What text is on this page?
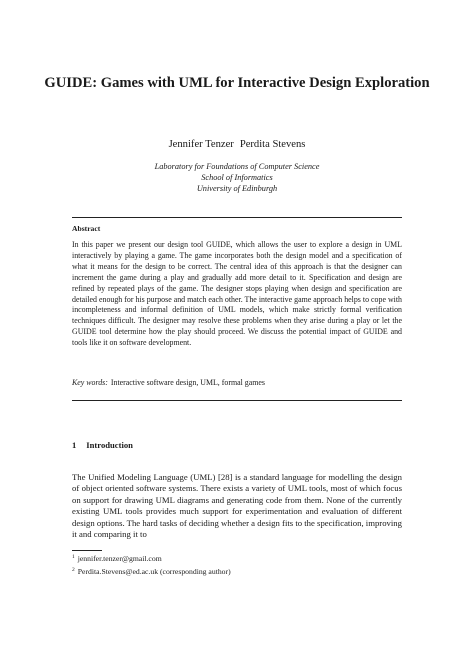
GUIDE: Games with UML for Interactive Design Exploration
Jennifer Tenzer Perdita Stevens
Laboratory for Foundations of Computer Science
School of Informatics
University of Edinburgh
Abstract

In this paper we present our design tool GUIDE, which allows the user to explore a design in UML interactively by playing a game. The game incorporates both the design model and a specification of what it means for the design to be correct. The central idea of this approach is that the designer can increment the game during a play and gradually add more detail to it. Specification and design are refined by repeated plays of the game. The designer stops playing when design and specification are detailed enough for his purpose and match each other. The interactive game approach helps to cope with incompleteness and informal definition of UML models, which make strictly formal verification techniques difficult. The designer may resolve these problems when they arise during a play or let the GUIDE tool determine how the play should proceed. We discuss the potential impact of GUIDE and tools like it on software development.

Key words: Interactive software design, UML, formal games
1 Introduction

The Unified Modeling Language (UML) [28] is a standard language for modelling the design of object oriented software systems. There exists a variety of UML tools, most of which focus on support for drawing UML diagrams and generating code from them. None of the currently existing UML tools provides much support for experimentation and evaluation of different design options. The hard tasks of deciding whether a design fits to the specification, improving it and comparing it to

$^1$ jennifer.tenzer@gmail.com
$^2$ Perdita.Stevens@ed.ac.uk (corresponding author)
